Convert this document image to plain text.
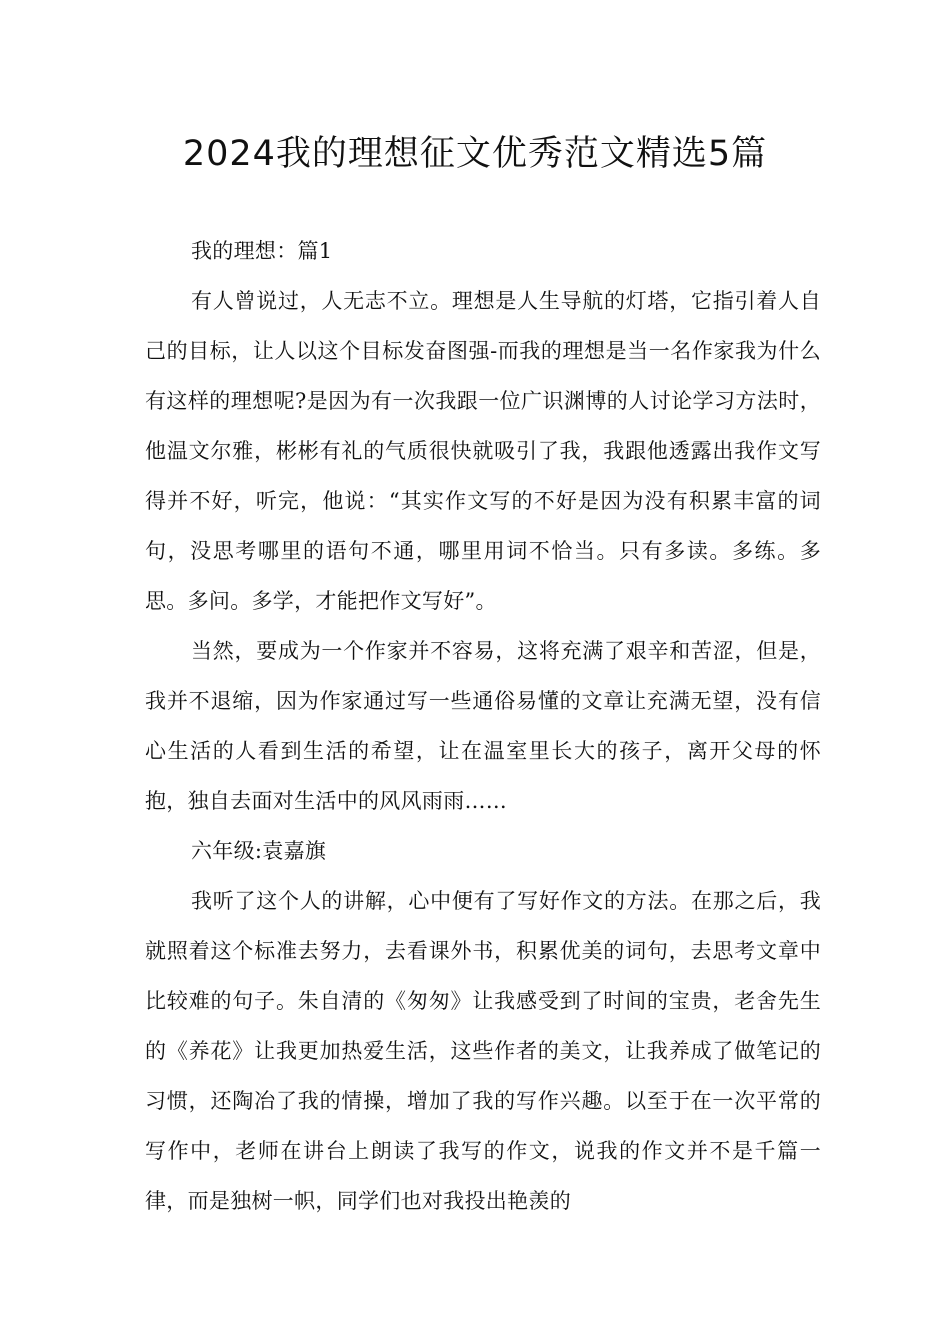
2024我的理想征文优秀范文精选5篇

我的理想：篇1

有人曾说过，人无志不立。理想是人生导航的灯塔，它指引着人自己的目标，让人以这个目标发奋图强-而我的理想是当一名作家我为什么有这样的理想呢?是因为有一次我跟一位广识渊博的人讨论学习方法时，他温文尔雅，彬彬有礼的气质很快就吸引了我，我跟他透露出我作文写得并不好，听完，他说：“其实作文写的不好是因为没有积累丰富的词句，没思考哪里的语句不通，哪里用词不恰当。只有多读。多练。多思。多问。多学，才能把作文写好”。

当然，要成为一个作家并不容易，这将充满了艰辛和苦涩，但是，我并不退缩，因为作家通过写一些通俗易懂的文章让充满无望，没有信心生活的人看到生活的希望，让在温室里长大的孩子，离开父母的怀抱，独自去面对生活中的风风雨雨……

六年级:袁嘉旗

我听了这个人的讲解，心中便有了写好作文的方法。在那之后，我就照着这个标准去努力，去看课外书，积累优美的词句，去思考文章中比较难的句子。朱自清的《匆匆》让我感受到了时间的宝贵，老舍先生的《养花》让我更加热爱生活，这些作者的美文，让我养成了做笔记的习惯，还陶冶了我的情操，增加了我的写作兴趣。以至于在一次平常的写作中，老师在讲台上朗读了我写的作文，说我的作文并不是千篇一律，而是独树一帜，同学们也对我投出艳羡的
